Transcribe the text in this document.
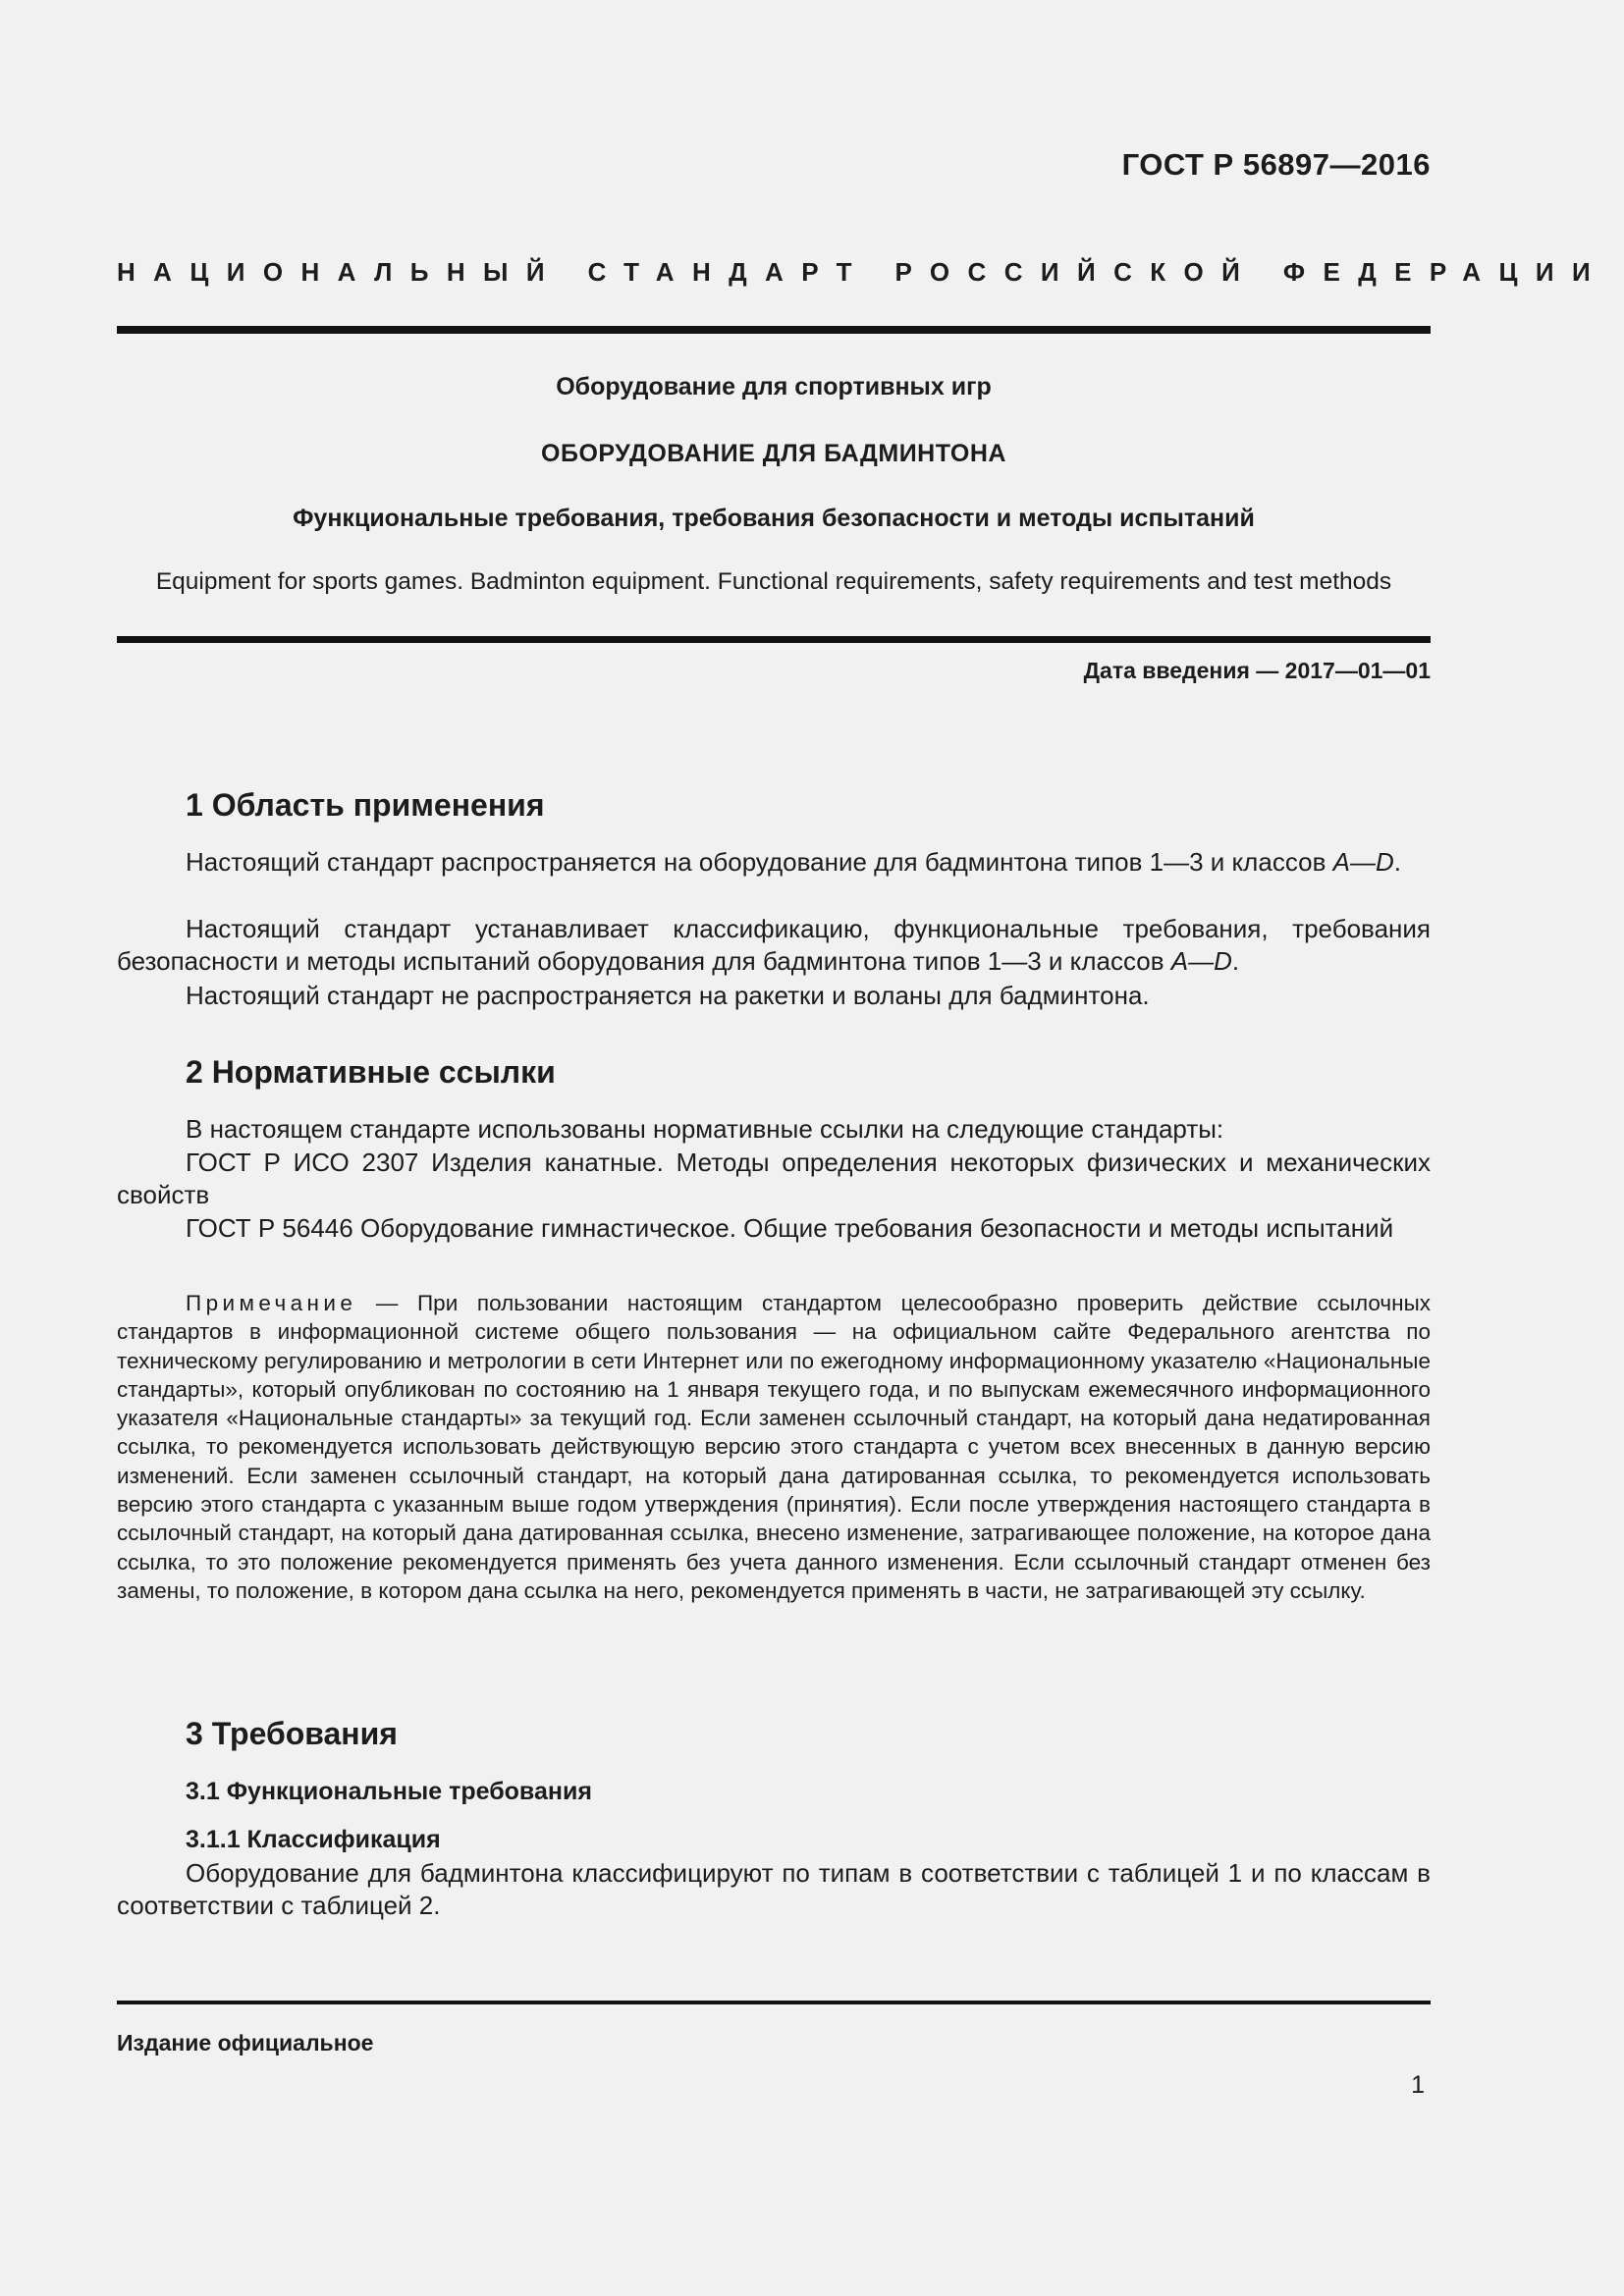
ГОСТ Р 56897—2016
НАЦИОНАЛЬНЫЙ СТАНДАРТ РОССИЙСКОЙ ФЕДЕРАЦИИ
Оборудование для спортивных игр
ОБОРУДОВАНИЕ ДЛЯ БАДМИНТОНА
Функциональные требования, требования безопасности и методы испытаний
Equipment for sports games. Badminton equipment. Functional requirements, safety requirements and test methods
Дата введения — 2017—01—01
1 Область применения

Настоящий стандарт распространяется на оборудование для бадминтона типов 1—3 и классов A—D.

Настоящий стандарт устанавливает классификацию, функциональные требования, требования безопасности и методы испытаний оборудования для бадминтона типов 1—3 и классов A—D.

Настоящий стандарт не распространяется на ракетки и воланы для бадминтона.

2 Нормативные ссылки

В настоящем стандарте использованы нормативные ссылки на следующие стандарты:

ГОСТ Р ИСО 2307 Изделия канатные. Методы определения некоторых физических и механических свойств

ГОСТ Р 56446 Оборудование гимнастическое. Общие требования безопасности и методы испытаний

Примечание — При пользовании настоящим стандартом целесообразно проверить действие ссылочных стандартов в информационной системе общего пользования — на официальном сайте Федерального агентства по техническому регулированию и метрологии в сети Интернет или по ежегодному информационному указателю «Национальные стандарты», который опубликован по состоянию на 1 января текущего года, и по выпускам ежемесячного информационного указателя «Национальные стандарты» за текущий год. Если заменен ссылочный стандарт, на который дана недатированная ссылка, то рекомендуется использовать действующую версию этого стандарта с учетом всех внесенных в данную версию изменений. Если заменен ссылочный стандарт, на который дана датированная ссылка, то рекомендуется использовать версию этого стандарта с указанным выше годом утверждения (принятия). Если после утверждения настоящего стандарта в ссылочный стандарт, на который дана датированная ссылка, внесено изменение, затрагивающее положение, на которое дана ссылка, то это положение рекомендуется применять без учета данного изменения. Если ссылочный стандарт отменен без замены, то положение, в котором дана ссылка на него, рекомендуется применять в части, не затрагивающей эту ссылку.

3 Требования
3.1 Функциональные требования
3.1.1 Классификация

Оборудование для бадминтона классифицируют по типам в соответствии с таблицей 1 и по классам в соответствии с таблицей 2.

Издание официальное
1
